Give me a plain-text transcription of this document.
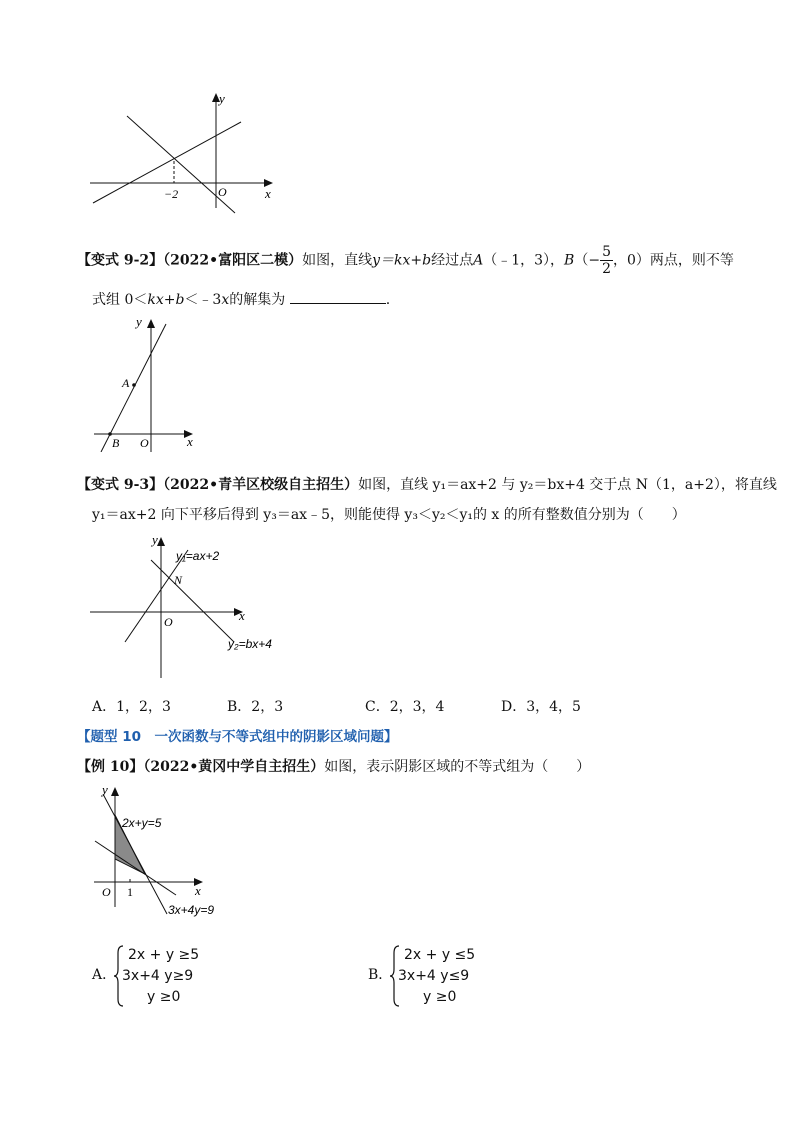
y
x
O
−2
【变式 9-2】（2022•富阳区二模）如图，直线y＝kx+b经过点A（﹣1，3），$B(- \frac{5}{2}$ ，0）两点，则不等
式组 0＜kx+b＜﹣3x的解集为	.
y
x
O
A
B
【变式 9-3】（2022•青羊区校级自主招生）如图，直线 y₁＝ax+2 与 y₂＝bx+4 交于点 N（1，a+2），将直线
y₁＝ax+2 向下平移后得到 y₃＝ax﹣5，则能使得 y₃＜y₂＜y₁的 x 的所有整数值分别为（　　）
y
x
O
N
y₁=ax+2
y₂=bx+4
A．1，2，3	B．2，3	C．2，3，4	D．3，4，5
【题型 10　一次函数与不等式组中的阴影区域问题】
【例 10】（2022•黄冈中学自主招生）如图，表示阴影区域的不等式组为（　　）
y
x
O 1
2x+y=5
3x+4y=9
A．
2x + y ≥5
3x+4 y≥9
y ≥0
B．
2x + y ≤5
3x+4 y≤9
y ≥0
